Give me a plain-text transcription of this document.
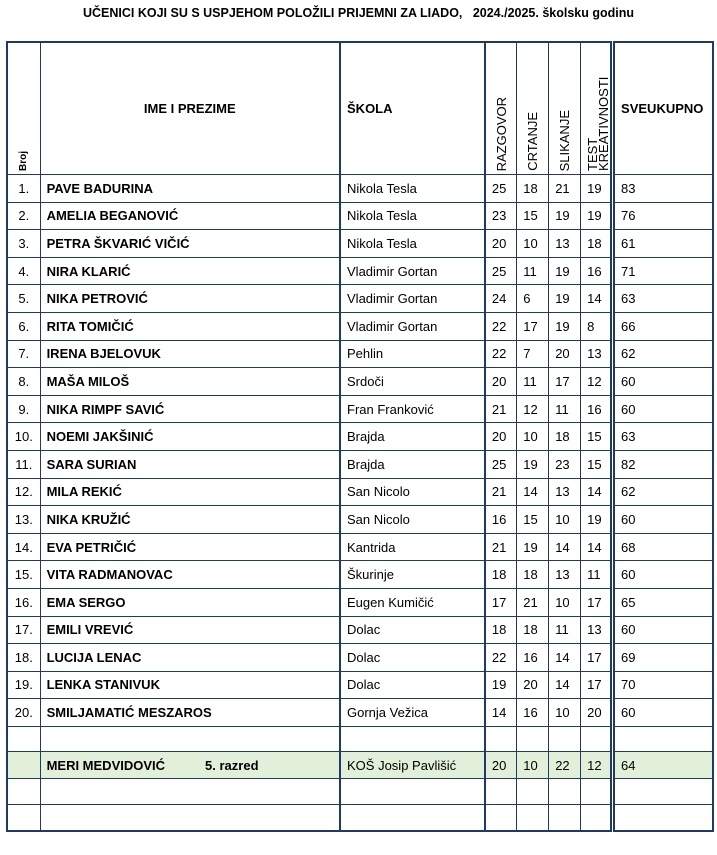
UČENICI KOJI SU S USPJEHOM POLOŽILI PRIJEMNI ZA LIADO,   2024./2025. školsku godinu
Broj	IME I PREZIME	ŠKOLA	RAZGOVOR	CRTANJE	SLIKANJE	TEST KREATIVNOSTI	SVEUKUPNO
1.	PAVE BADURINA	Nikola Tesla	25	18	21	19	83
2.	AMELIA BEGANOVIĆ	Nikola Tesla	23	15	19	19	76
3.	PETRA ŠKVARIĆ VIČIĆ	Nikola Tesla	20	10	13	18	61
4.	NIRA KLARIĆ	Vladimir Gortan	25	11	19	16	71
5.	NIKA PETROVIĆ	Vladimir Gortan	24	6	19	14	63
6.	RITA TOMIČIĆ	Vladimir Gortan	22	17	19	8	66
7.	IRENA BJELOVUK	Pehlin	22	7	20	13	62
8.	MAŠA MILOŠ	Srdoči	20	11	17	12	60
9.	NIKA RIMPF SAVIĆ	Fran Franković	21	12	11	16	60
10.	NOEMI JAKŠINIĆ	Brajda	20	10	18	15	63
11.	SARA SURIAN	Brajda	25	19	23	15	82
12.	MILA REKIĆ	San Nicolo	21	14	13	14	62
13.	NIKA KRUŽIĆ	San Nicolo	16	15	10	19	60
14.	EVA PETRIČIĆ	Kantrida	21	19	14	14	68
15.	VITA RADMANOVAC	Škurinje	18	18	13	11	60
16.	EMA SERGO	Eugen Kumičić	17	21	10	17	65
17.	EMILI VREVIĆ	Dolac	18	18	11	13	60
18.	LUCIJA LENAC	Dolac	22	16	14	17	69
19.	LENKA STANIVUK	Dolac	19	20	14	17	70
20.	SMILJAMATIĆ MESZAROS	Gornja Vežica	14	16	10	20	60

	MERI MEDVIDOVIĆ 5. razred	KOŠ Josip Pavlišić	20	10	22	12	64
